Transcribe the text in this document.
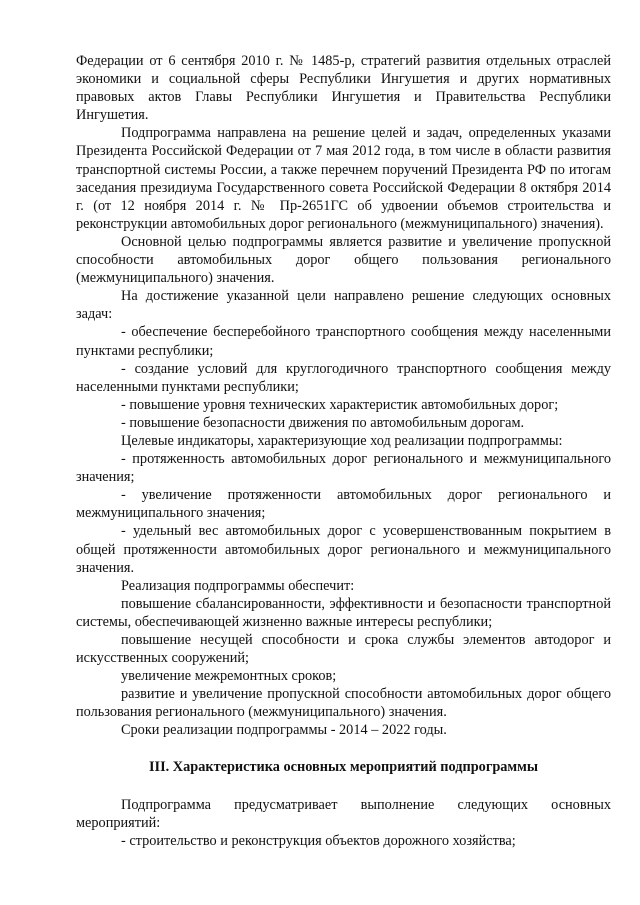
Федерации от 6 сентября 2010 г. № 1485-р, стратегий развития отдельных отраслей экономики и социальной сферы Республики Ингушетия и других нормативных правовых актов Главы Республики Ингушетия и Правительства Республики Ингушетия.

Подпрограмма направлена на решение целей и задач, определенных указами Президента Российской Федерации от 7 мая 2012 года, в том числе в области развития транспортной системы России, а также перечнем поручений Президента РФ по итогам заседания президиума Государственного совета Российской Федерации 8 октября 2014 г. (от 12 ноября 2014 г. № Пр-2651ГС об удвоении объемов строительства и реконструкции автомобильных дорог регионального (межмуниципального) значения).

Основной целью подпрограммы является развитие и увеличение пропускной способности автомобильных дорог общего пользования регионального (межмуниципального) значения.

На достижение указанной цели направлено решение следующих основных задач:

- обеспечение бесперебойного транспортного сообщения между населенными пунктами республики;

- создание условий для круглогодичного транспортного сообщения между населенными пунктами республики;

- повышение уровня технических характеристик автомобильных дорог;

- повышение безопасности движения по автомобильным дорогам.

Целевые индикаторы, характеризующие ход реализации подпрограммы:

- протяженность автомобильных дорог регионального и межмуниципального значения;

- увеличение протяженности автомобильных дорог регионального и межмуниципального значения;

- удельный вес автомобильных дорог с усовершенствованным покрытием в общей протяженности автомобильных дорог регионального и межмуниципального значения.

Реализация подпрограммы обеспечит:

повышение сбалансированности, эффективности и безопасности транспортной системы, обеспечивающей жизненно важные интересы республики;

повышение несущей способности и срока службы элементов автодорог и искусственных сооружений;

увеличение межремонтных сроков;

развитие и увеличение пропускной способности автомобильных дорог общего пользования регионального (межмуниципального) значения.

Сроки реализации подпрограммы - 2014 – 2022 годы.

III. Характеристика основных мероприятий подпрограммы

Подпрограмма предусматривает выполнение следующих основных мероприятий:

- строительство и реконструкция объектов дорожного хозяйства;
